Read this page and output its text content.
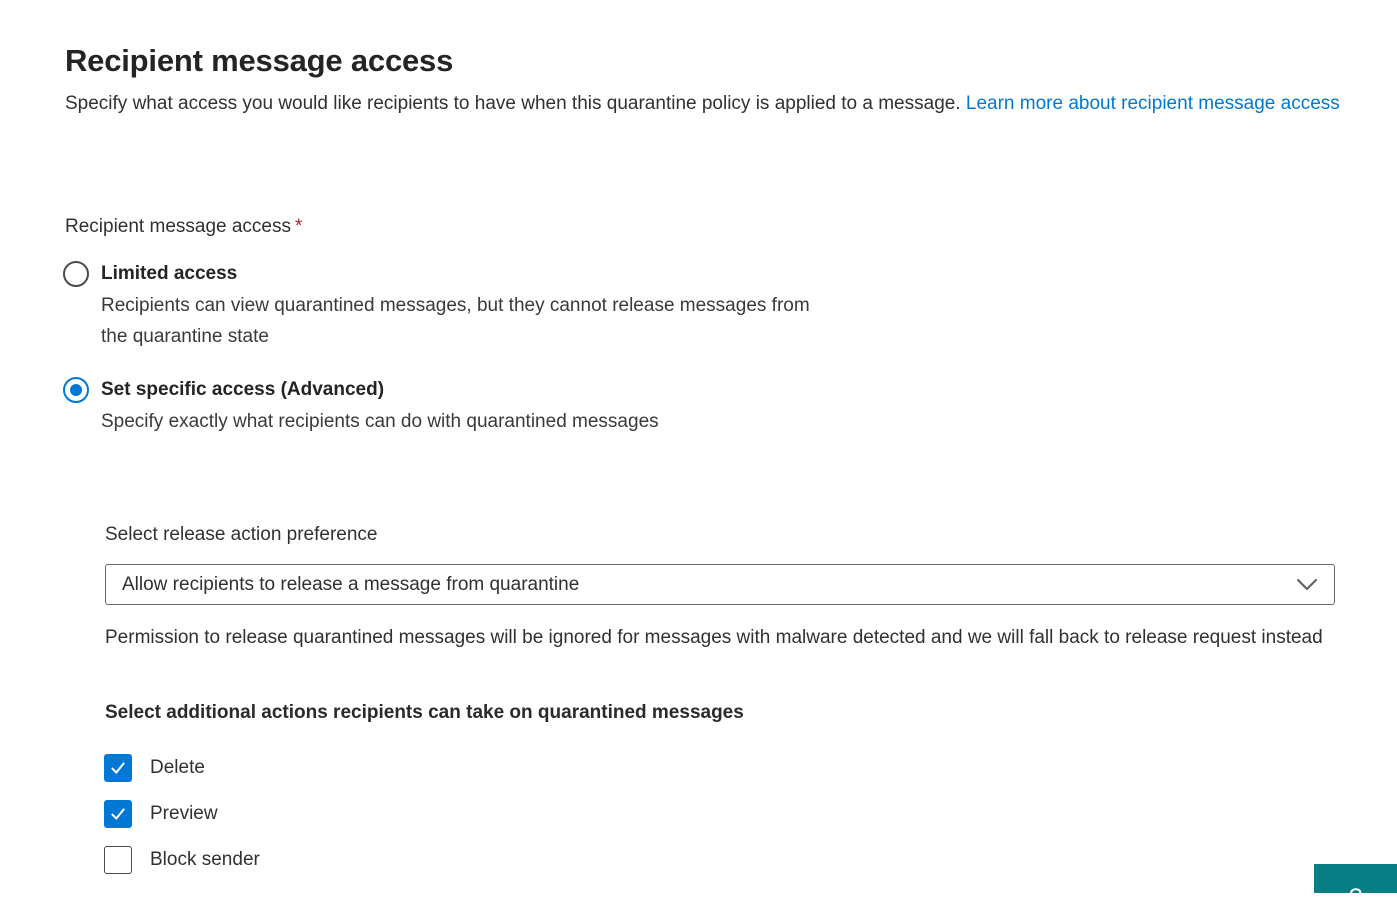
Recipient message access
Specify what access you would like recipients to have when this quarantine policy is applied to a message. Learn more about recipient message access
Recipient message access *
Limited access
Recipients can view quarantined messages, but they cannot release messages from the quarantine state
Set specific access (Advanced)
Specify exactly what recipients can do with quarantined messages
Select release action preference
Allow recipients to release a message from quarantine
Permission to release quarantined messages will be ignored for messages with malware detected and we will fall back to release request instead
Select additional actions recipients can take on quarantined messages
Delete
Preview
Block sender
?
